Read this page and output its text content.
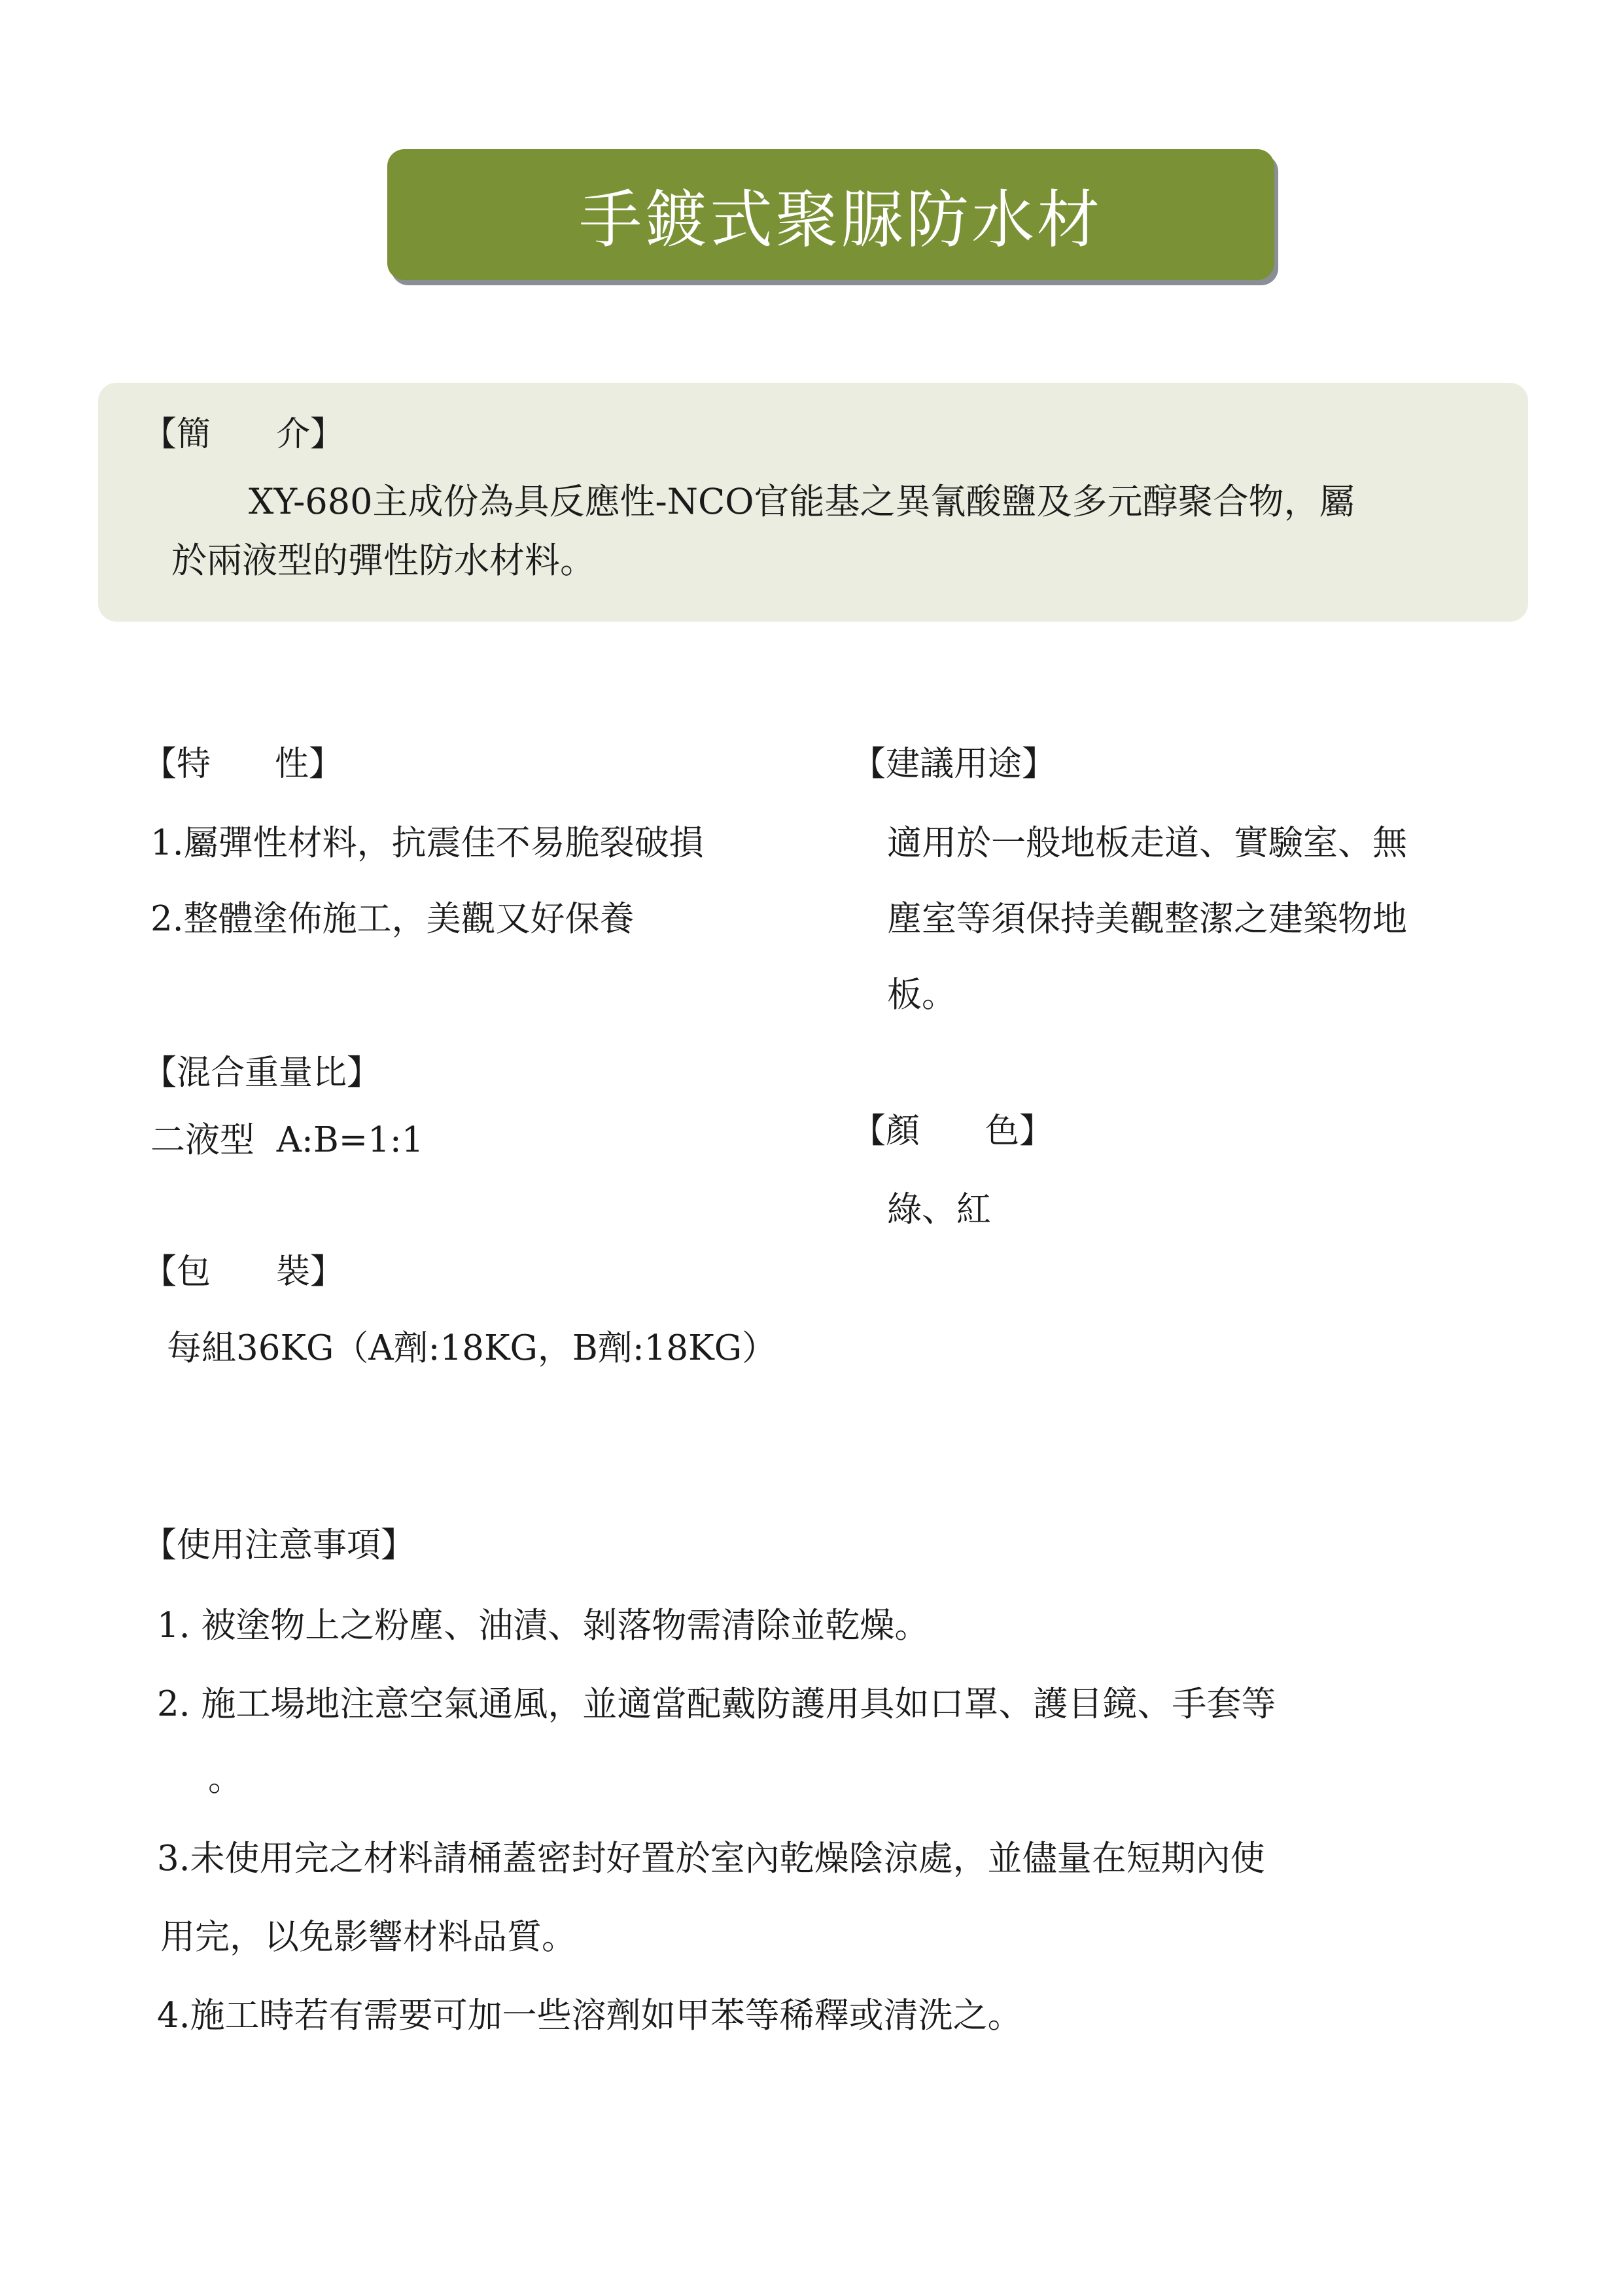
手鍍式聚脲防水材
【簡 介】
XY-680主成份為具反應性-NCO官能基之異氰酸鹽及多元醇聚合物，屬
於兩液型的彈性防水材料。
【特 性】
1.屬彈性材料，抗震佳不易脆裂破損
2.整體塗佈施工，美觀又好保養
【建議用途】
適用於一般地板走道、實驗室、無
塵室等須保持美觀整潔之建築物地
板。
【混合重量比】
二液型  A:B=1:1	【顏 色】
綠、紅
【包 裝】
每組36KG（A劑:18KG，B劑:18KG）
【使用注意事項】
1. 被塗物上之粉塵、油漬、剝落物需清除並乾燥。
2. 施工場地注意空氣通風，並適當配戴防護用具如口罩、護目鏡、手套等
。
3.未使用完之材料請桶蓋密封好置於室內乾燥陰涼處，並儘量在短期內使
用完，以免影響材料品質。
4.施工時若有需要可加一些溶劑如甲苯等稀釋或清洗之。
